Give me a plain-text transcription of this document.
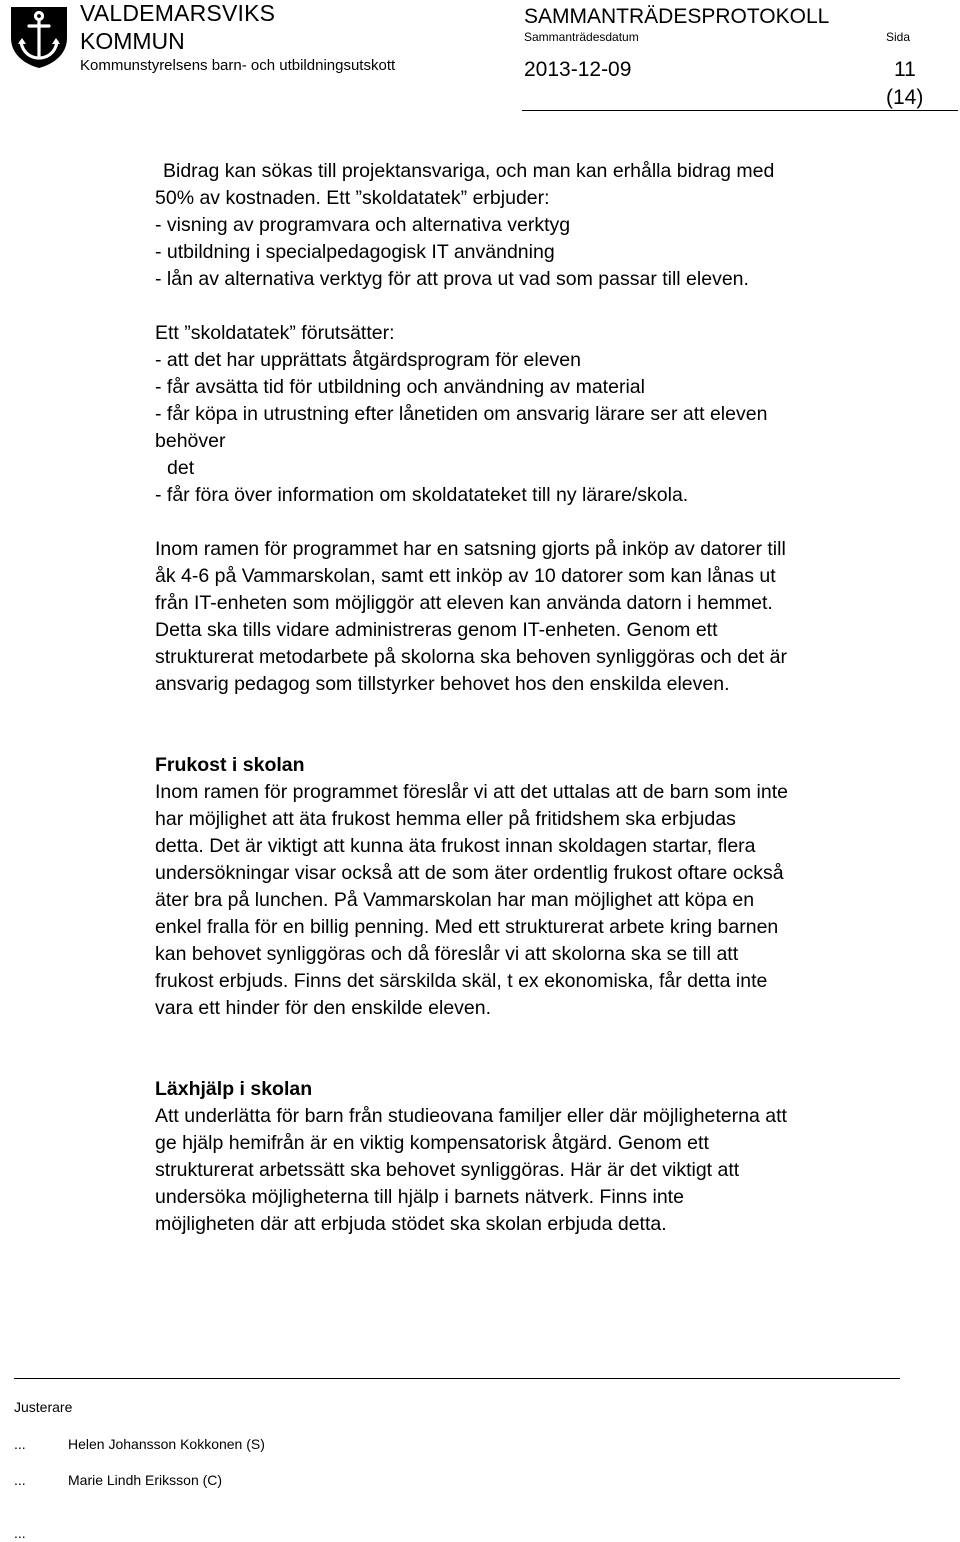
VALDEMARSVIKS
KOMMUN
Kommunstyrelsens barn- och utbildningsutskott
SAMMANTRÄDESPROTOKOLL
Sammanträdesdatum	Sida
2013-12-09	11
(14)

Bidrag kan sökas till projektansvariga, och man kan erhålla bidrag med

50% av kostnaden. Ett ”skoldatatek” erbjuder:

- visning av programvara och alternativa verktyg

- utbildning i specialpedagogisk IT användning

- lån av alternativa verktyg för att prova ut vad som passar till eleven.

Ett ”skoldatatek” förutsätter:

- att det har upprättats åtgärdsprogram för eleven

- får avsätta tid för utbildning och användning av material

- får köpa in utrustning efter lånetiden om ansvarig lärare ser att eleven

behöver

det

- får föra över information om skoldatateket till ny lärare/skola.

Inom ramen för programmet har en satsning gjorts på inköp av datorer till

åk 4-6 på Vammarskolan, samt ett inköp av 10 datorer som kan lånas ut

från IT-enheten som möjliggör att eleven kan använda datorn i hemmet.

Detta ska tills vidare administreras genom IT-enheten. Genom ett

strukturerat metodarbete på skolorna ska behoven synliggöras och det är

ansvarig pedagog som tillstyrker behovet hos den enskilda eleven.

Frukost i skolan

Inom ramen för programmet föreslår vi att det uttalas att de barn som inte

har möjlighet att äta frukost hemma eller på fritidshem ska erbjudas

detta. Det är viktigt att kunna äta frukost innan skoldagen startar, flera

undersökningar visar också att de som äter ordentlig frukost oftare också

äter bra på lunchen. På Vammarskolan har man möjlighet att köpa en

enkel fralla för en billig penning. Med ett strukturerat arbete kring barnen

kan behovet synliggöras och då föreslår vi att skolorna ska se till att

frukost erbjuds. Finns det särskilda skäl, t ex ekonomiska, får detta inte

vara ett hinder för den enskilde eleven.

Läxhjälp i skolan

Att underlätta för barn från studieovana familjer eller där möjligheterna att

ge hjälp hemifrån är en viktig kompensatorisk åtgärd. Genom ett

strukturerat arbetssätt ska behovet synliggöras. Här är det viktigt att

undersöka möjligheterna till hjälp i barnets nätverk. Finns inte

möjligheten där att erbjuda stödet ska skolan erbjuda detta.

Justerare
...	Helen Johansson Kokkonen (S)
...	Marie Lindh Eriksson (C)
...
